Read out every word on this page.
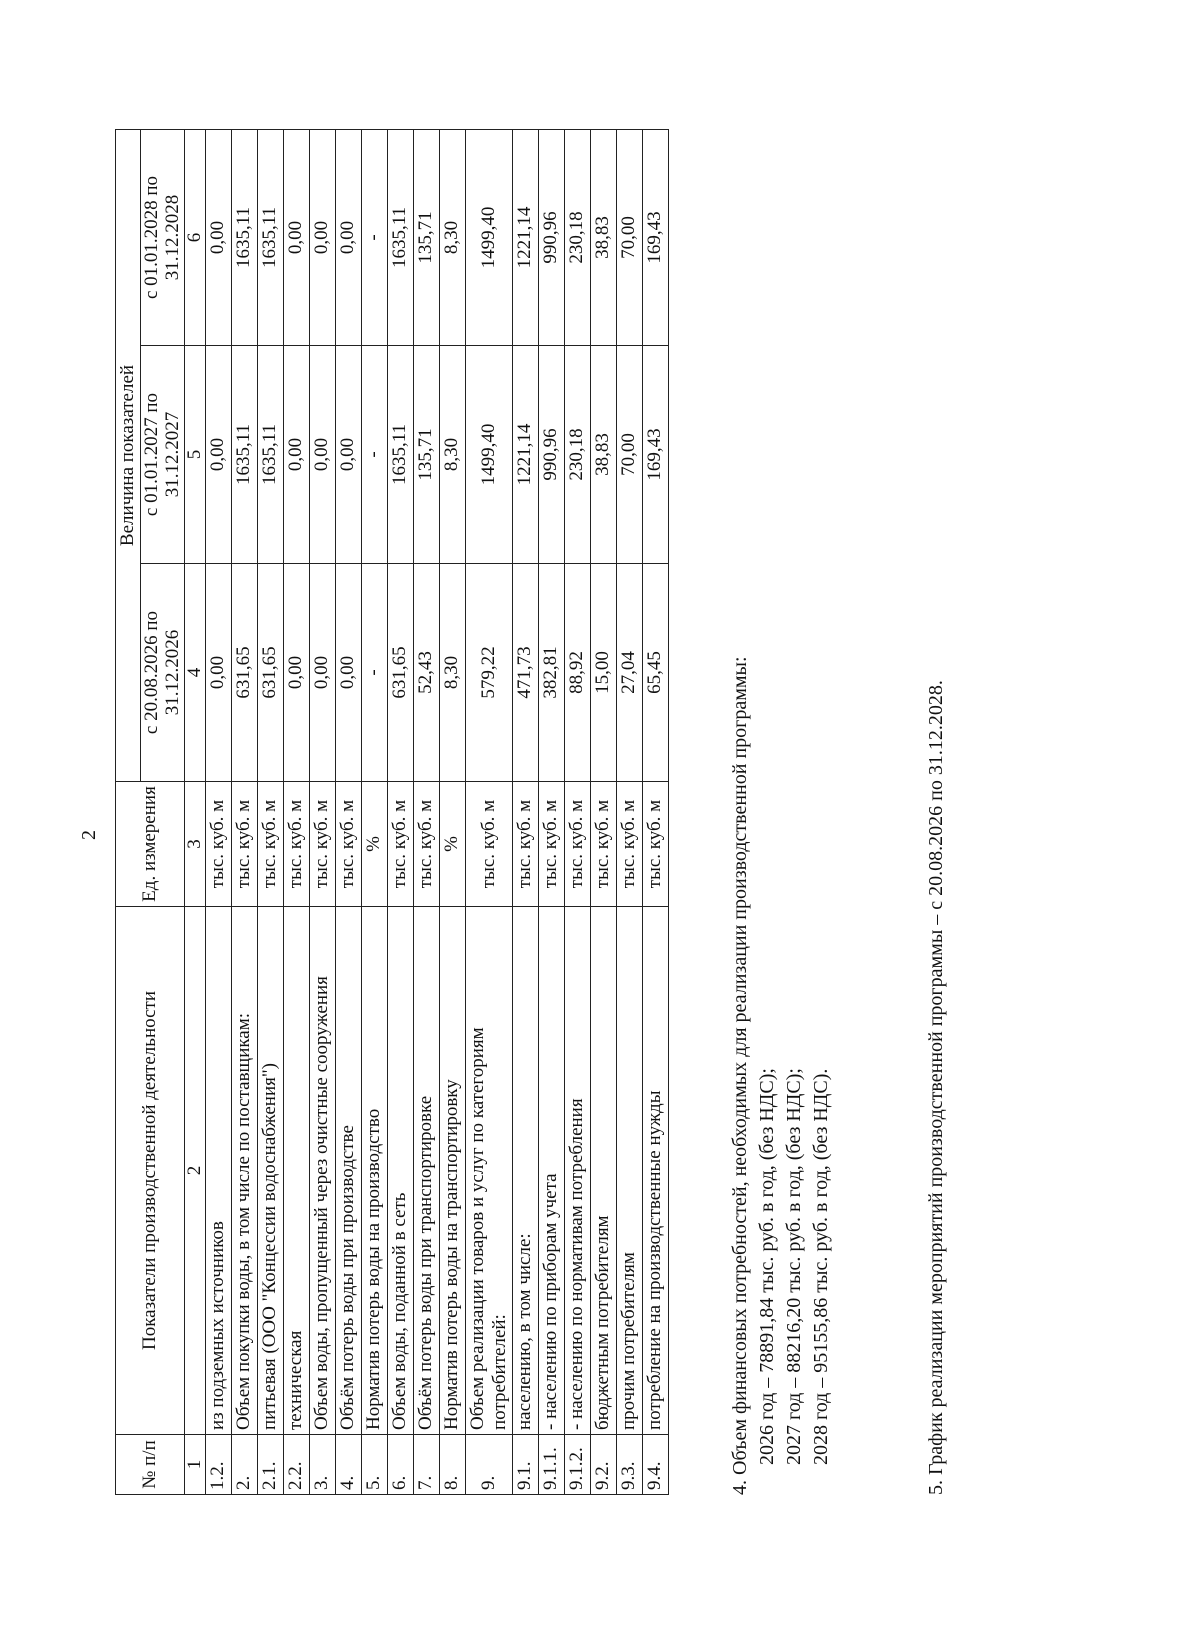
2
№ п/п	Показатели производственной деятельности	Ед. измерения	Величина показателей		
			с 20.08.2026 по 31.12.2026	с 01.01.2027 по 31.12.2027	с 01.01.2028 по 31.12.2028
1	2	3	4	5	6
1.2.	из подземных источников	тыс. куб. м	0,00	0,00	0,00
2.	Объем покупки воды, в том числе по поставщикам:	тыс. куб. м	631,65	1635,11	1635,11
2.1.	питьевая (ООО "Концессии водоснабжения")	тыс. куб. м	631,65	1635,11	1635,11
2.2.	техническая	тыс. куб. м	0,00	0,00	0,00
3.	Объем воды, пропущенный через очистные сооружения	тыс. куб. м	0,00	0,00	0,00
4.	Объём потерь воды при производстве	тыс. куб. м	0,00	0,00	0,00
5.	Норматив потерь воды на производство	%	-	-	-
6.	Объем воды, поданной в сеть	тыс. куб. м	631,65	1635,11	1635,11
7.	Объём потерь воды при транспортировке	тыс. куб. м	52,43	135,71	135,71
8.	Норматив потерь воды на транспортировку	%	8,30	8,30	8,30
9.	Объем реализации товаров и услуг по категориям потребителей:	тыс. куб. м	579,22	1499,40	1499,40
9.1.	населению, в том числе:	тыс. куб. м	471,73	1221,14	1221,14
9.1.1.	- населению по приборам учета	тыс. куб. м	382,81	990,96	990,96
9.1.2.	- населению по нормативам потребления	тыс. куб. м	88,92	230,18	230,18
9.2.	бюджетным потребителям	тыс. куб. м	15,00	38,83	38,83
9.3.	прочим потребителям	тыс. куб. м	27,04	70,00	70,00
9.4.	потребление на производственные нужды	тыс. куб. м	65,45	169,43	169,43
4. Объем финансовых потребностей, необходимых для реализации производственной программы: 2026 год – 78891,84 тыс. руб. в год, (без НДС); 2027 год – 88216,20 тыс. руб. в год, (без НДС); 2028 год – 95155,86 тыс. руб. в год, (без НДС).	5. График реализации мероприятий производственной программы – с 20.08.2026 по 31.12.2028.
